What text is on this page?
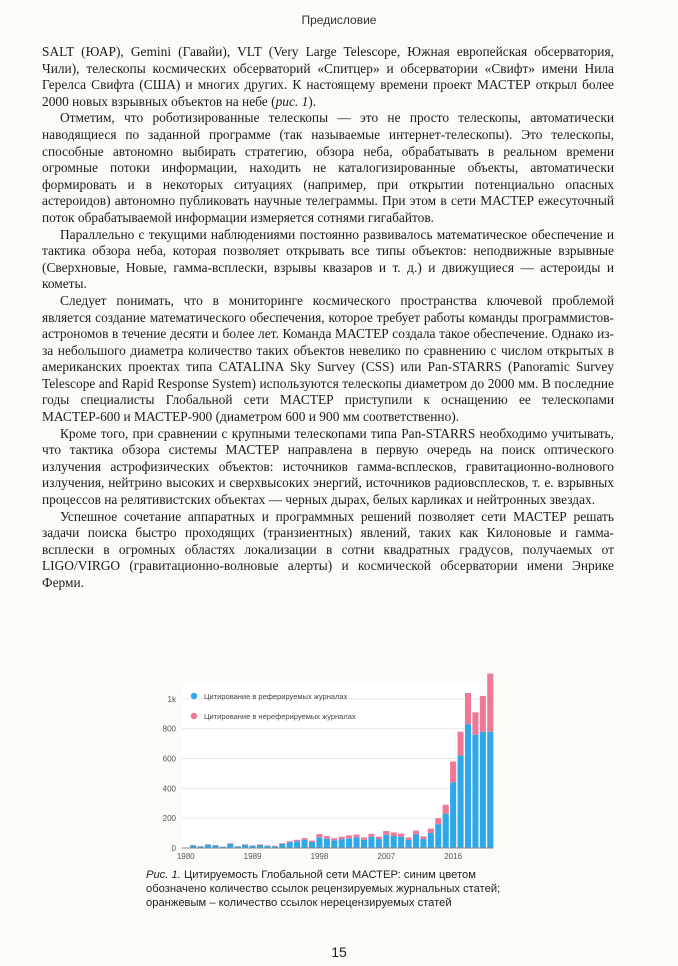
Предисловие

SALT (ЮАР), Gemini (Гавайи), VLT (Very Large Telescope, Южная европейская обсерватория, Чили), телескопы космических обсерваторий «Спитцер» и обсерватории «Свифт» имени Нила Герелса Свифта (США) и многих других. К настоящему времени проект МАСТЕР открыл более 2000 новых взрывных объектов на небе (рис. 1).

Отметим, что роботизированные телескопы — это не просто телескопы, автоматически наводящиеся по заданной программе (так называемые интернет-телескопы). Это телескопы, способные автономно выбирать стратегию, обзора неба, обрабатывать в реальном времени огромные потоки информации, находить не каталогизированные объекты, автоматически формировать и в некоторых ситуациях (например, при открытии потенциально опасных астероидов) автономно публиковать научные телеграммы. При этом в сети МАСТЕР ежесуточный поток обрабатываемой информации измеряется сотнями гигабайтов.

Параллельно с текущими наблюдениями постоянно развивалось математическое обеспечение и тактика обзора неба, которая позволяет открывать все типы объектов: неподвижные взрывные (Сверхновые, Новые, гамма-всплески, взрывы квазаров и т. д.) и движущиеся — астероиды и кометы.

Следует понимать, что в мониторинге космического пространства ключевой проблемой является создание математического обеспечения, которое требует работы команды программистов-астрономов в течение десяти и более лет. Команда МАСТЕР создала такое обеспечение. Однако из-за небольшого диаметра количество таких объектов невелико по сравнению с числом открытых в американских проектах типа CATALINA Sky Survey (CSS) или Pan-STARRS (Panoramic Survey Telescope and Rapid Response System) используются телескопы диаметром до 2000 мм. В последние годы специалисты Глобальной сети МАСТЕР приступили к оснащению ее телескопами МАСТЕР-600 и МАСТЕР-900 (диаметром 600 и 900 мм соответственно).

Кроме того, при сравнении с крупными телескопами типа Pan-STARRS необходимо учитывать, что тактика обзора системы МАСТЕР направлена в первую очередь на поиск оптического излучения астрофизических объектов: источников гамма-всплесков, гравитационно-волнового излучения, нейтрино высоких и сверхвысоких энергий, источников радиовсплесков, т. е. взрывных процессов на релятивистских объектах — черных дырах, белых карликах и нейтронных звездах.

Успешное сочетание аппаратных и программных решений позволяет сети МАСТЕР решать задачи поиска быстро проходящих (транзиентных) явлений, таких как Килоновые и гамма-всплески в огромных областях локализации в сотни квадратных градусов, получаемых от LIGO/VIRGO (гравитационно-волновые алерты) и космической обсерватории имени Энрике Ферми.

0
200
400
600
800
1k
1980	1989	1998	2007	2016
Цитирование в реферируемых журналах
Цитирование в нереферируемых журналах
Рис. 1. Цитируемость Глобальной сети МАСТЕР: синим цветом обозначено количество ссылок рецензируемых журнальных статей; оранжевым – количество ссылок нерецензируемых статей
15
